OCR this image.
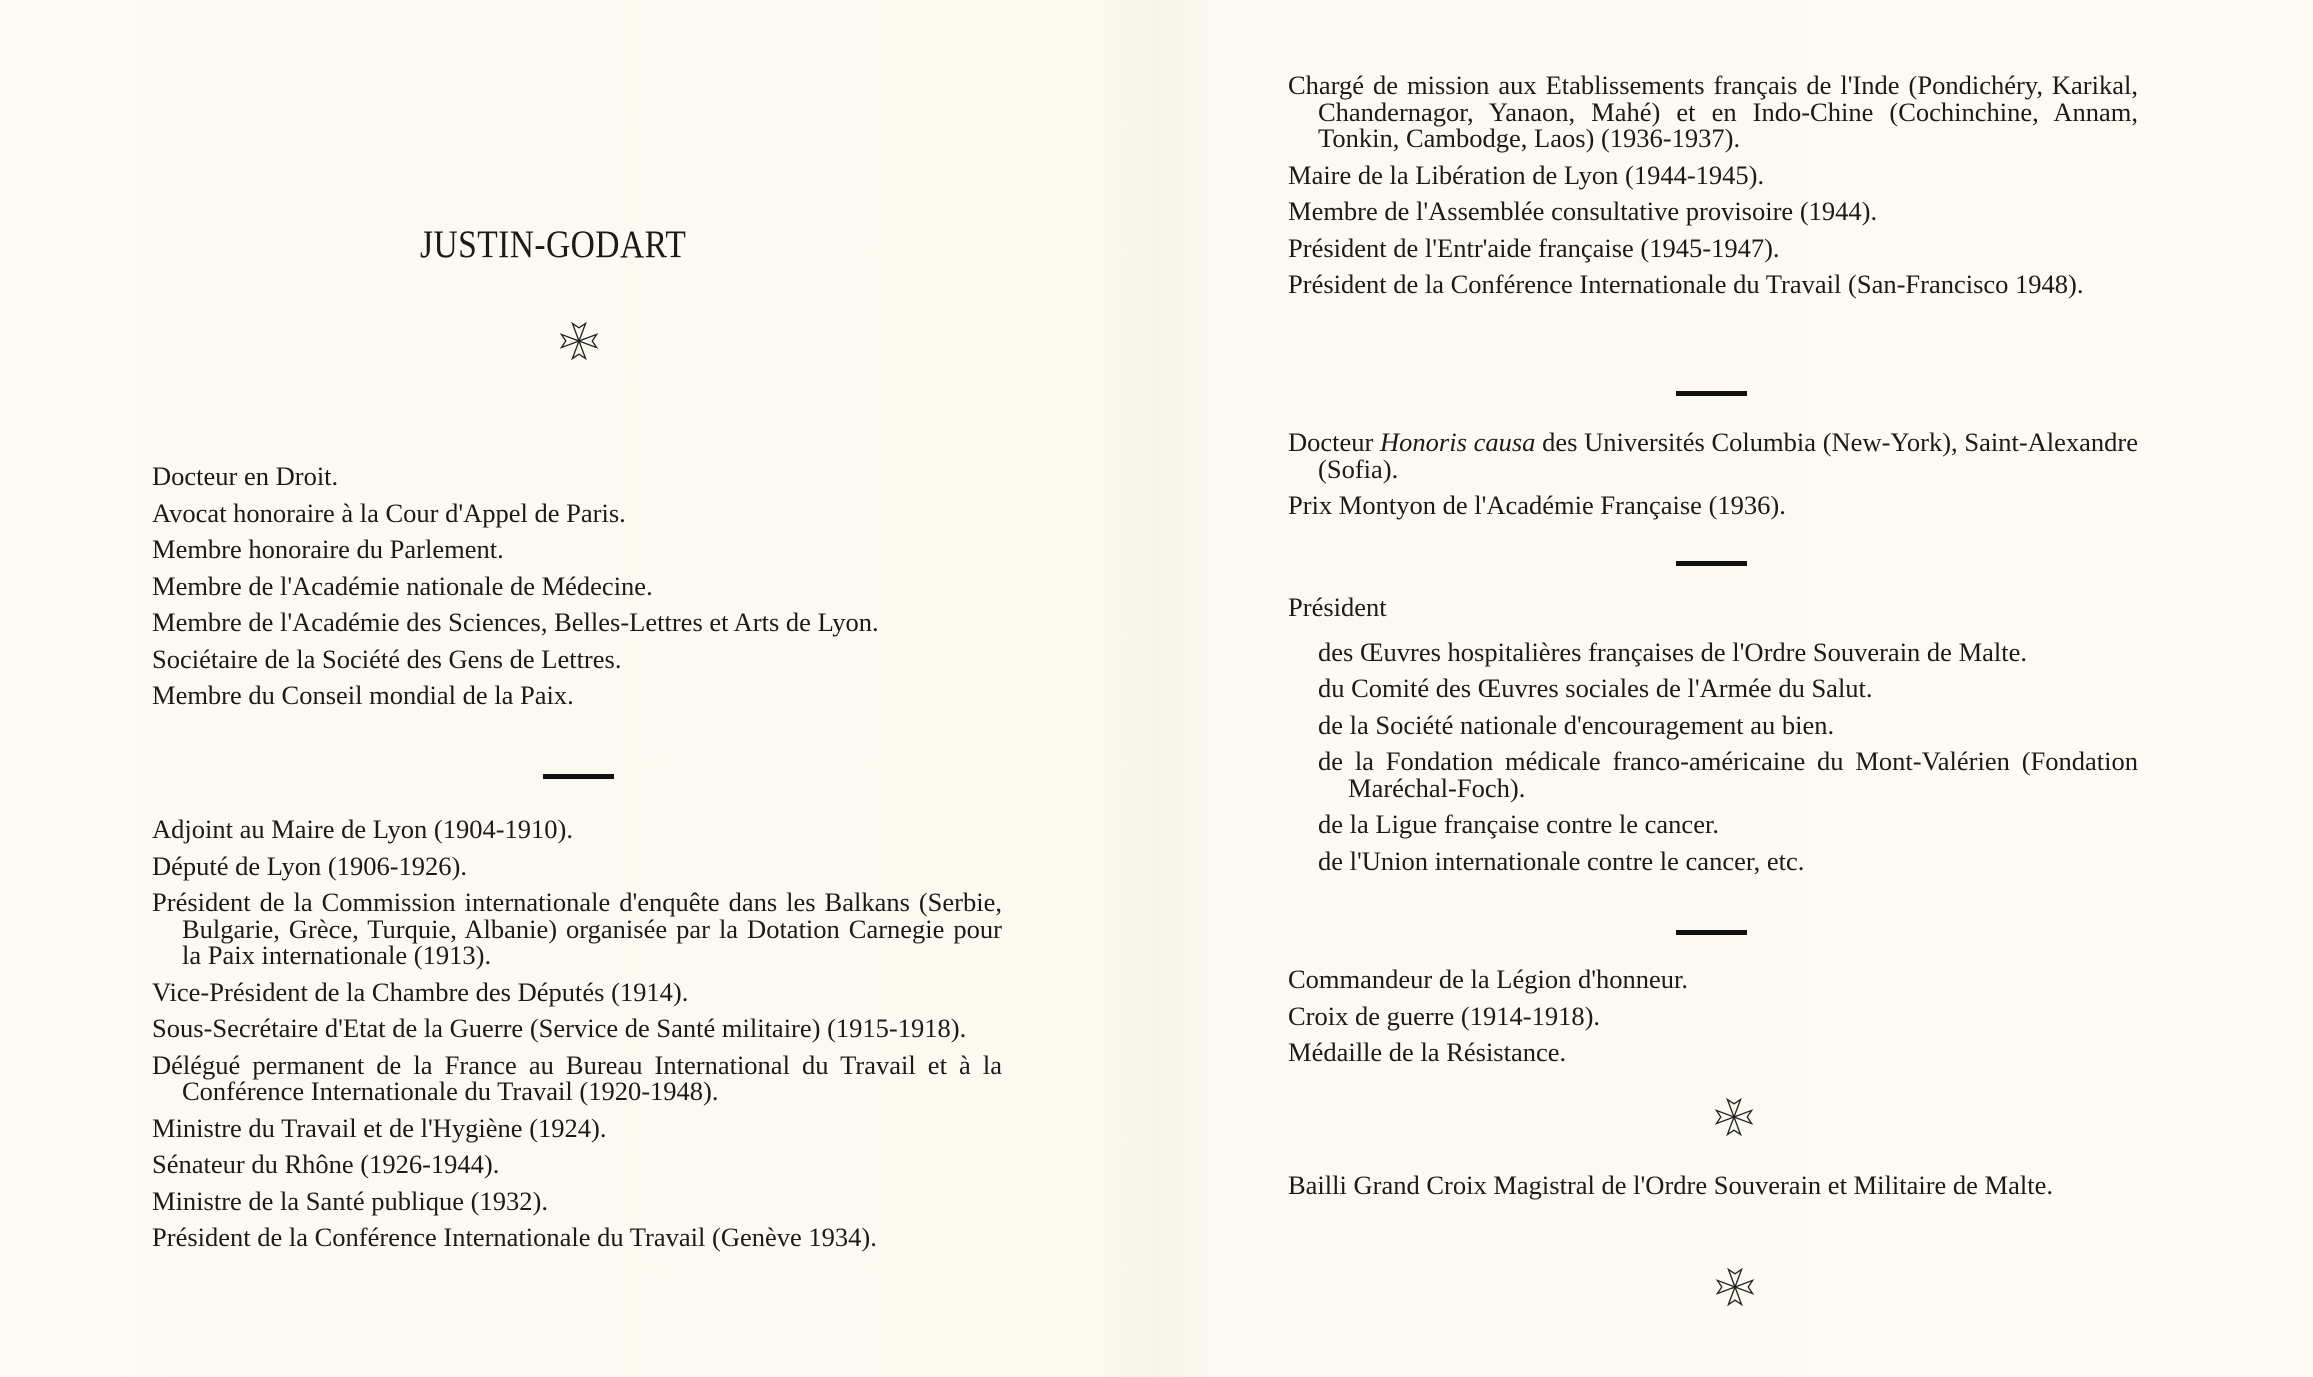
JUSTIN-GODART
Docteur en Droit.
Avocat honoraire à la Cour d'Appel de Paris.
Membre honoraire du Parlement.
Membre de l'Académie nationale de Médecine.
Membre de l'Académie des Sciences, Belles-Lettres et Arts de Lyon.
Sociétaire de la Société des Gens de Lettres.
Membre du Conseil mondial de la Paix.
Adjoint au Maire de Lyon (1904-1910).
Député de Lyon (1906-1926).
Président de la Commission internationale d'enquête dans les Balkans (Serbie, Bulgarie, Grèce, Turquie, Albanie) organisée par la Dotation Carnegie pour la Paix internationale (1913).
Vice-Président de la Chambre des Députés (1914).
Sous-Secrétaire d'Etat de la Guerre (Service de Santé militaire) (1915-1918).
Délégué permanent de la France au Bureau International du Travail et à la Conférence Internationale du Travail (1920-1948).
Ministre du Travail et de l'Hygiène (1924).
Sénateur du Rhône (1926-1944).
Ministre de la Santé publique (1932).
Président de la Conférence Internationale du Travail (Genève 1934).
Chargé de mission aux Etablissements français de l'Inde (Pondichéry, Karikal, Chandernagor, Yanaon, Mahé) et en Indo-Chine (Cochinchine, Annam, Tonkin, Cambodge, Laos) (1936-1937).
Maire de la Libération de Lyon (1944-1945).
Membre de l'Assemblée consultative provisoire (1944).
Président de l'Entr'aide française (1945-1947).
Président de la Conférence Internationale du Travail (San-Francisco 1948).
Docteur Honoris causa des Universités Columbia (New-York), Saint-Alexandre (Sofia).
Prix Montyon de l'Académie Française (1936).
Président
des Œuvres hospitalières françaises de l'Ordre Souverain de Malte.
du Comité des Œuvres sociales de l'Armée du Salut.
de la Société nationale d'encouragement au bien.
de la Fondation médicale franco-américaine du Mont-Valérien (Fondation Maréchal-Foch).
de la Ligue française contre le cancer.
de l'Union internationale contre le cancer, etc.
Commandeur de la Légion d'honneur.
Croix de guerre (1914-1918).
Médaille de la Résistance.
Bailli Grand Croix Magistral de l'Ordre Souverain et Militaire de Malte.
